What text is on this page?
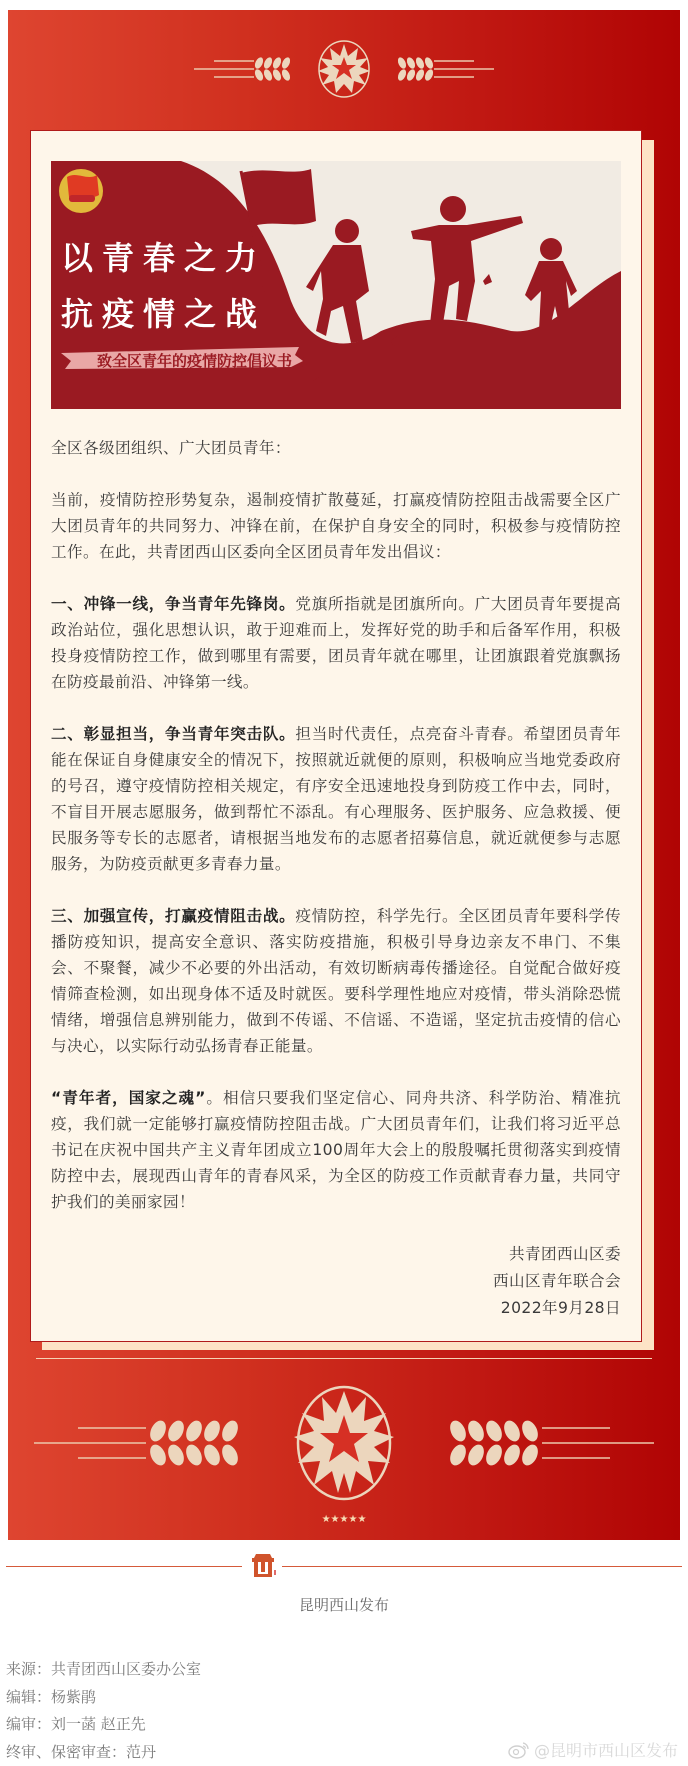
以青春之力
抗疫情之战
致全区青年的疫情防控倡议书

全区各级团组织、广大团员青年：

当前，疫情防控形势复杂，遏制疫情扩散蔓延，打赢疫情防控阻击战需要全区广大团员青年的共同努力、冲锋在前，在保护自身安全的同时，积极参与疫情防控工作。在此，共青团西山区委向全区团员青年发出倡议：

一、冲锋一线，争当青年先锋岗。党旗所指就是团旗所向。广大团员青年要提高政治站位，强化思想认识，敢于迎难而上，发挥好党的助手和后备军作用，积极投身疫情防控工作，做到哪里有需要，团员青年就在哪里，让团旗跟着党旗飘扬在防疫最前沿、冲锋第一线。

二、彰显担当，争当青年突击队。担当时代责任，点亮奋斗青春。希望团员青年能在保证自身健康安全的情况下，按照就近就便的原则，积极响应当地党委政府的号召，遵守疫情防控相关规定，有序安全迅速地投身到防疫工作中去，同时，不盲目开展志愿服务，做到帮忙不添乱。有心理服务、医护服务、应急救援、便民服务等专长的志愿者，请根据当地发布的志愿者招募信息，就近就便参与志愿服务，为防疫贡献更多青春力量。

三、加强宣传，打赢疫情阻击战。疫情防控，科学先行。全区团员青年要科学传播防疫知识，提高安全意识、落实防疫措施，积极引导身边亲友不串门、不集会、不聚餐，减少不必要的外出活动，有效切断病毒传播途径。自觉配合做好疫情筛查检测，如出现身体不适及时就医。要科学理性地应对疫情，带头消除恐慌情绪，增强信息辨别能力，做到不传谣、不信谣、不造谣，坚定抗击疫情的信心与决心，以实际行动弘扬青春正能量。

“青年者，国家之魂”。相信只要我们坚定信心、同舟共济、科学防治、精准抗疫，我们就一定能够打赢疫情防控阻击战。广大团员青年们，让我们将习近平总书记在庆祝中国共产主义青年团成立100周年大会上的殷殷嘱托贯彻落实到疫情防控中去，展现西山青年的青春风采，为全区的防疫工作贡献青春力量，共同守护我们的美丽家园！

共青团西山区委
西山区青年联合会
2022年9月28日
★★★★★
昆明西山发布
来源：共青团西山区委办公室
编辑：杨紫鹃
编审：刘一菡 赵正先
终审、保密审查：范丹	@昆明市西山区发布
